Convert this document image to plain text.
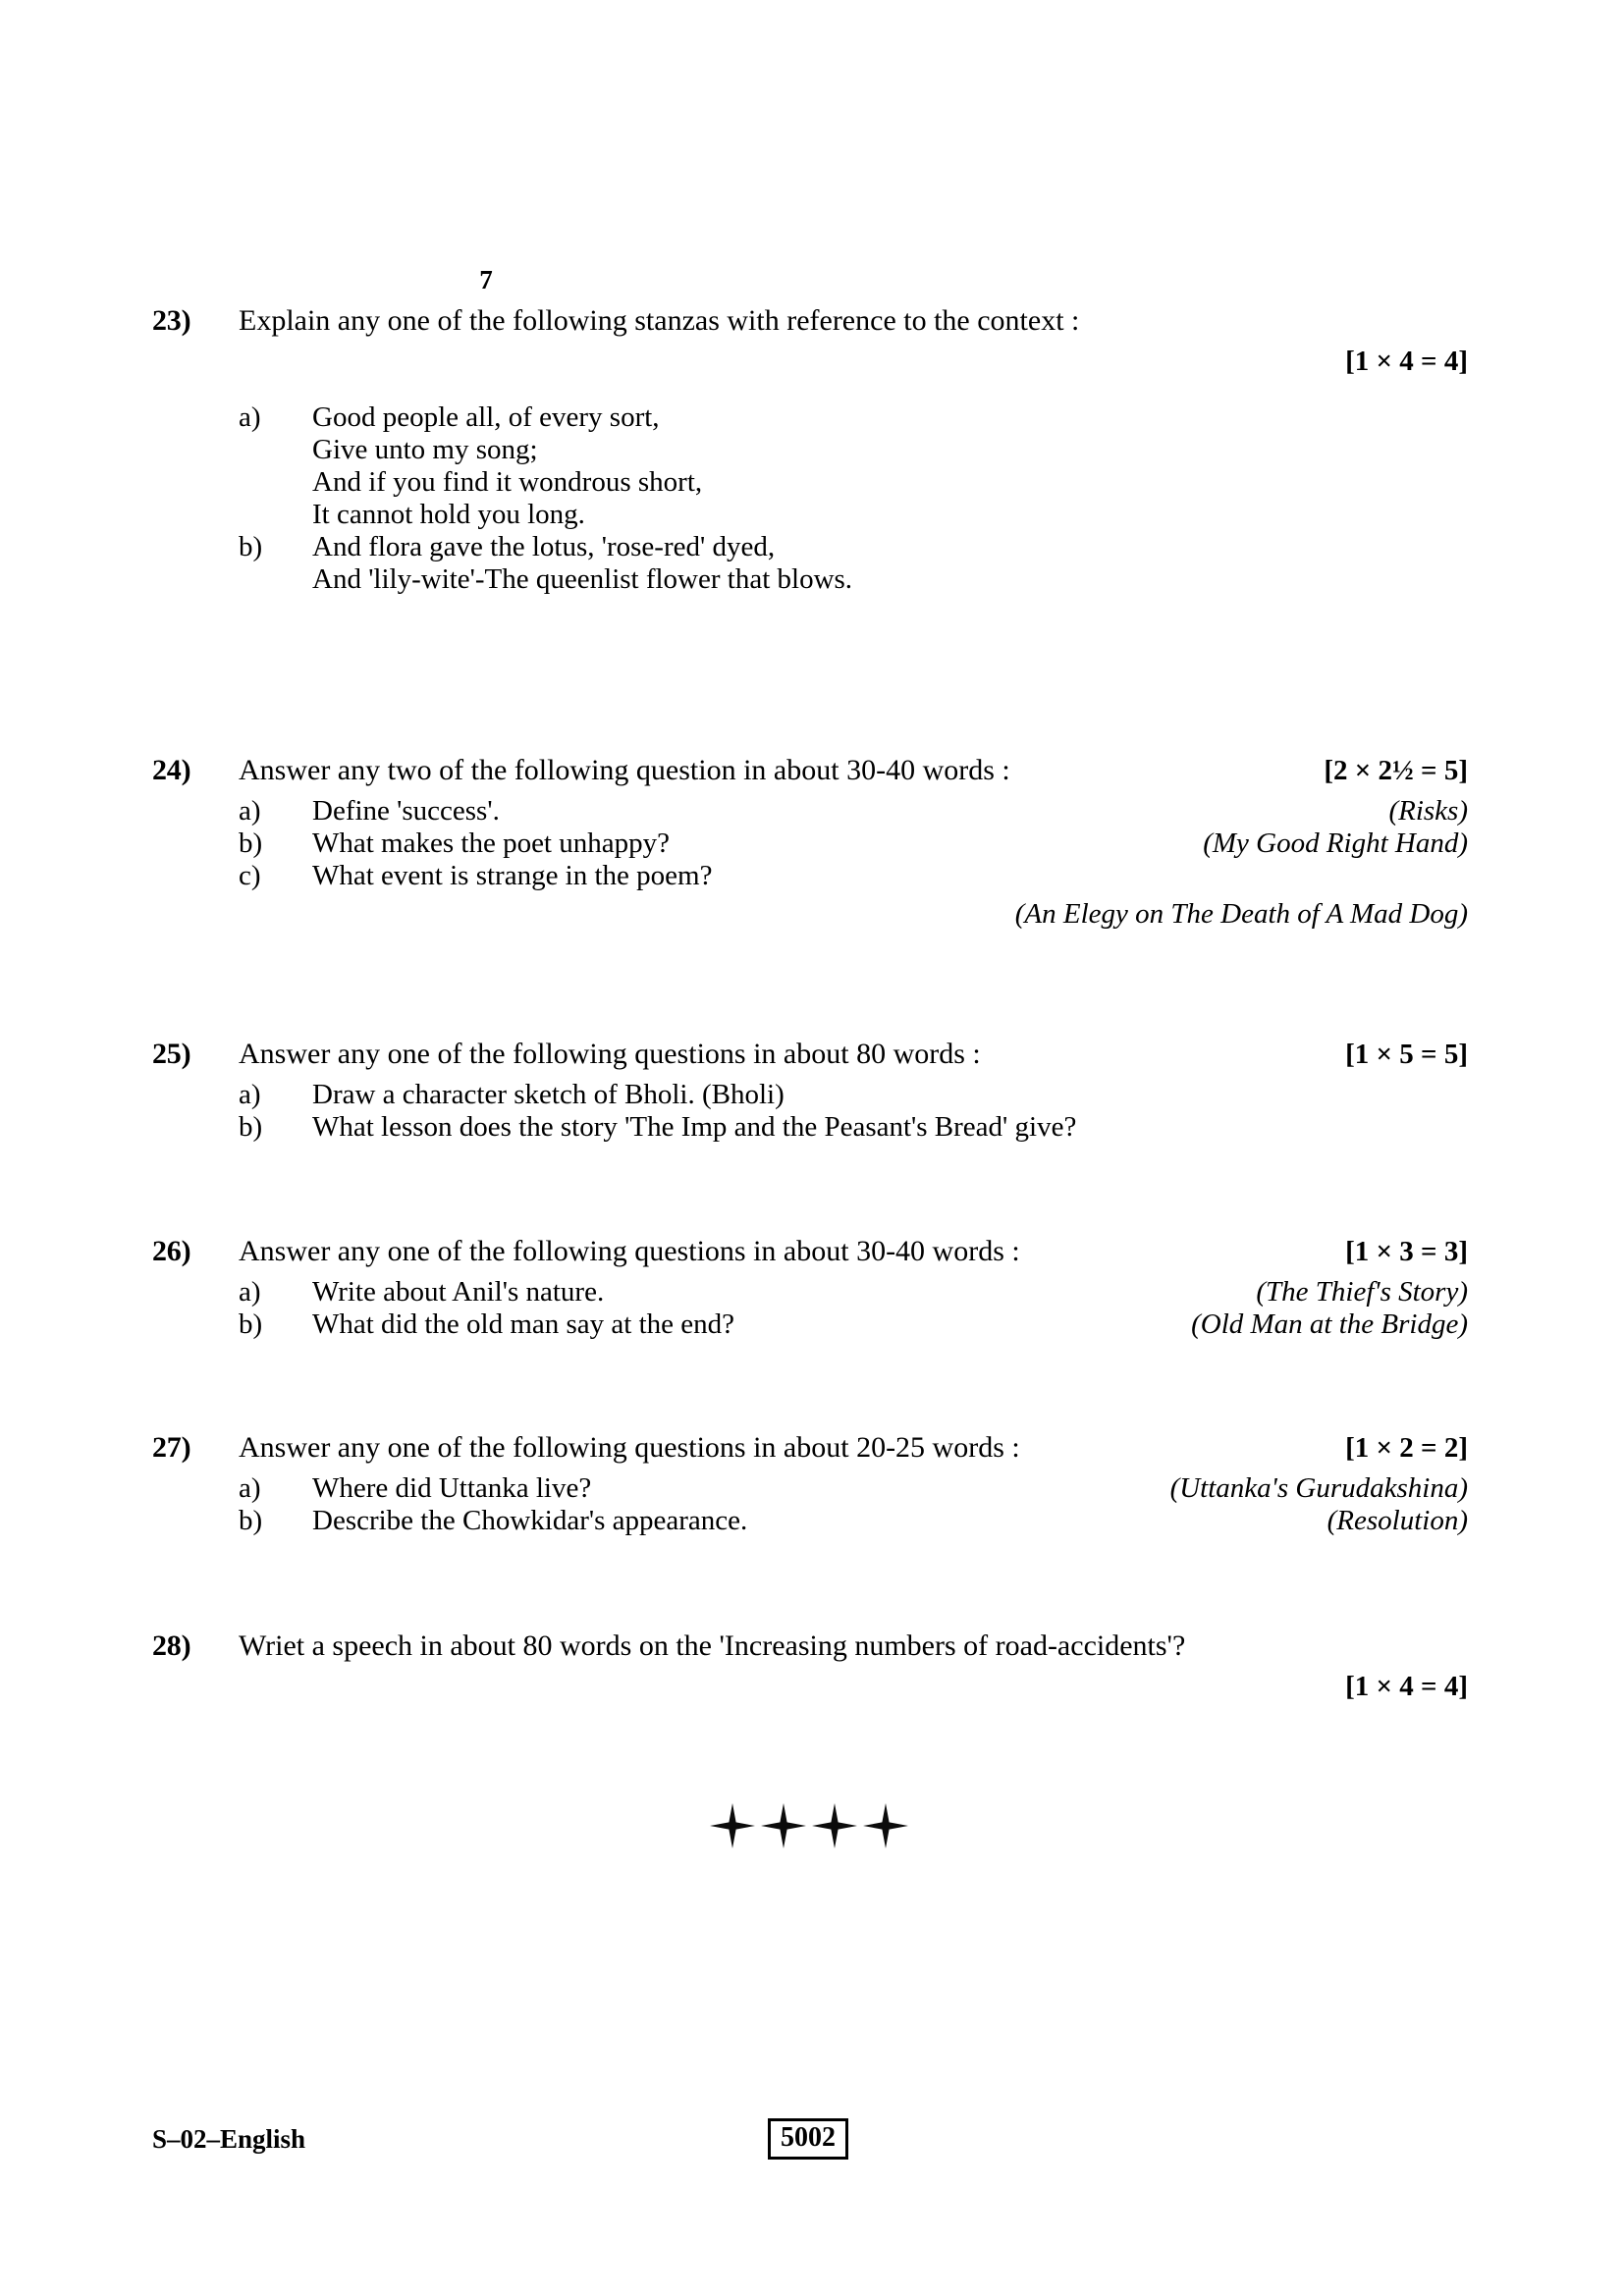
7
23)	Explain any one of the following stanzas with reference to the context :
[1 × 4 = 4]
a)	Good people all, of every sort,
Give unto my song;
And if you find it wondrous short,
It cannot hold you long.
b)	And flora gave the lotus, 'rose-red' dyed,
And 'lily-wite'-The queenlist flower that blows.
24)	Answer any two of the following question in about 30-40 words :	[2 × 2½ = 5]
a)	Define 'success'.	(Risks)
b)	What makes the poet unhappy?	(My Good Right Hand)
c)	What event is strange in the poem?
(An Elegy on The Death of A Mad Dog)
25)	Answer any one of the following questions in about 80 words :	[1 × 5 = 5]
a)	Draw a character sketch of Bholi. (Bholi)
b)	What lesson does the story 'The Imp and the Peasant's Bread' give?
26)	Answer any one of the following questions in about 30-40 words :	[1 × 3 = 3]
a)	Write about Anil's nature.	(The Thief's Story)
b)	What did the old man say at the end?	(Old Man at the Bridge)
27)	Answer any one of the following questions in about 20-25 words :	[1 × 2 = 2]
a)	Where did Uttanka live?	(Uttanka's Gurudakshina)
b)	Describe the Chowkidar's appearance.	(Resolution)
28)	Wriet a speech in about 80 words on the 'Increasing numbers of road-accidents'?
[1 × 4 = 4]
S–02–English	5002
